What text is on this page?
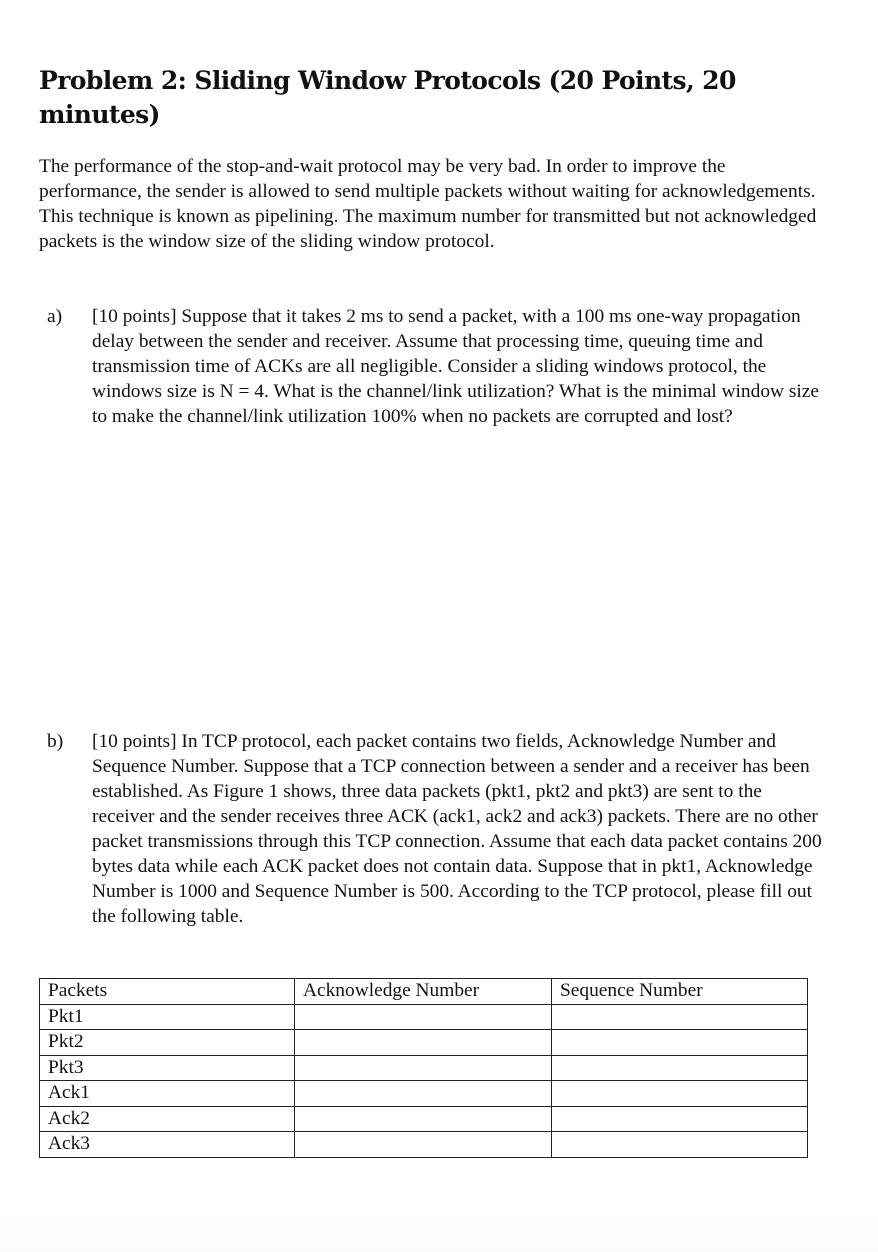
Problem 2: Sliding Window Protocols (20 Points, 20 minutes)

The performance of the stop-and-wait protocol may be very bad. In order to improve the performance, the sender is allowed to send multiple packets without waiting for acknowledgements. This technique is known as pipelining. The maximum number for transmitted but not acknowledged packets is the window size of the sliding window protocol.

a) [10 points] Suppose that it takes 2 ms to send a packet, with a 100 ms one-way propagation delay between the sender and receiver. Assume that processing time, queuing time and transmission time of ACKs are all negligible. Consider a sliding windows protocol, the windows size is N = 4. What is the channel/link utilization? What is the minimal window size to make the channel/link utilization 100% when no packets are corrupted and lost?
b) [10 points] In TCP protocol, each packet contains two fields, Acknowledge Number and Sequence Number. Suppose that a TCP connection between a sender and a receiver has been established. As Figure 1 shows, three data packets (pkt1, pkt2 and pkt3) are sent to the receiver and the sender receives three ACK (ack1, ack2 and ack3) packets. There are no other packet transmissions through this TCP connection. Assume that each data packet contains 200 bytes data while each ACK packet does not contain data. Suppose that in pkt1, Acknowledge Number is 1000 and Sequence Number is 500. According to the TCP protocol, please fill out the following table.
Packets	Acknowledge Number	Sequence Number
Pkt1		
Pkt2		
Pkt3		
Ack1		
Ack2		
Ack3		
